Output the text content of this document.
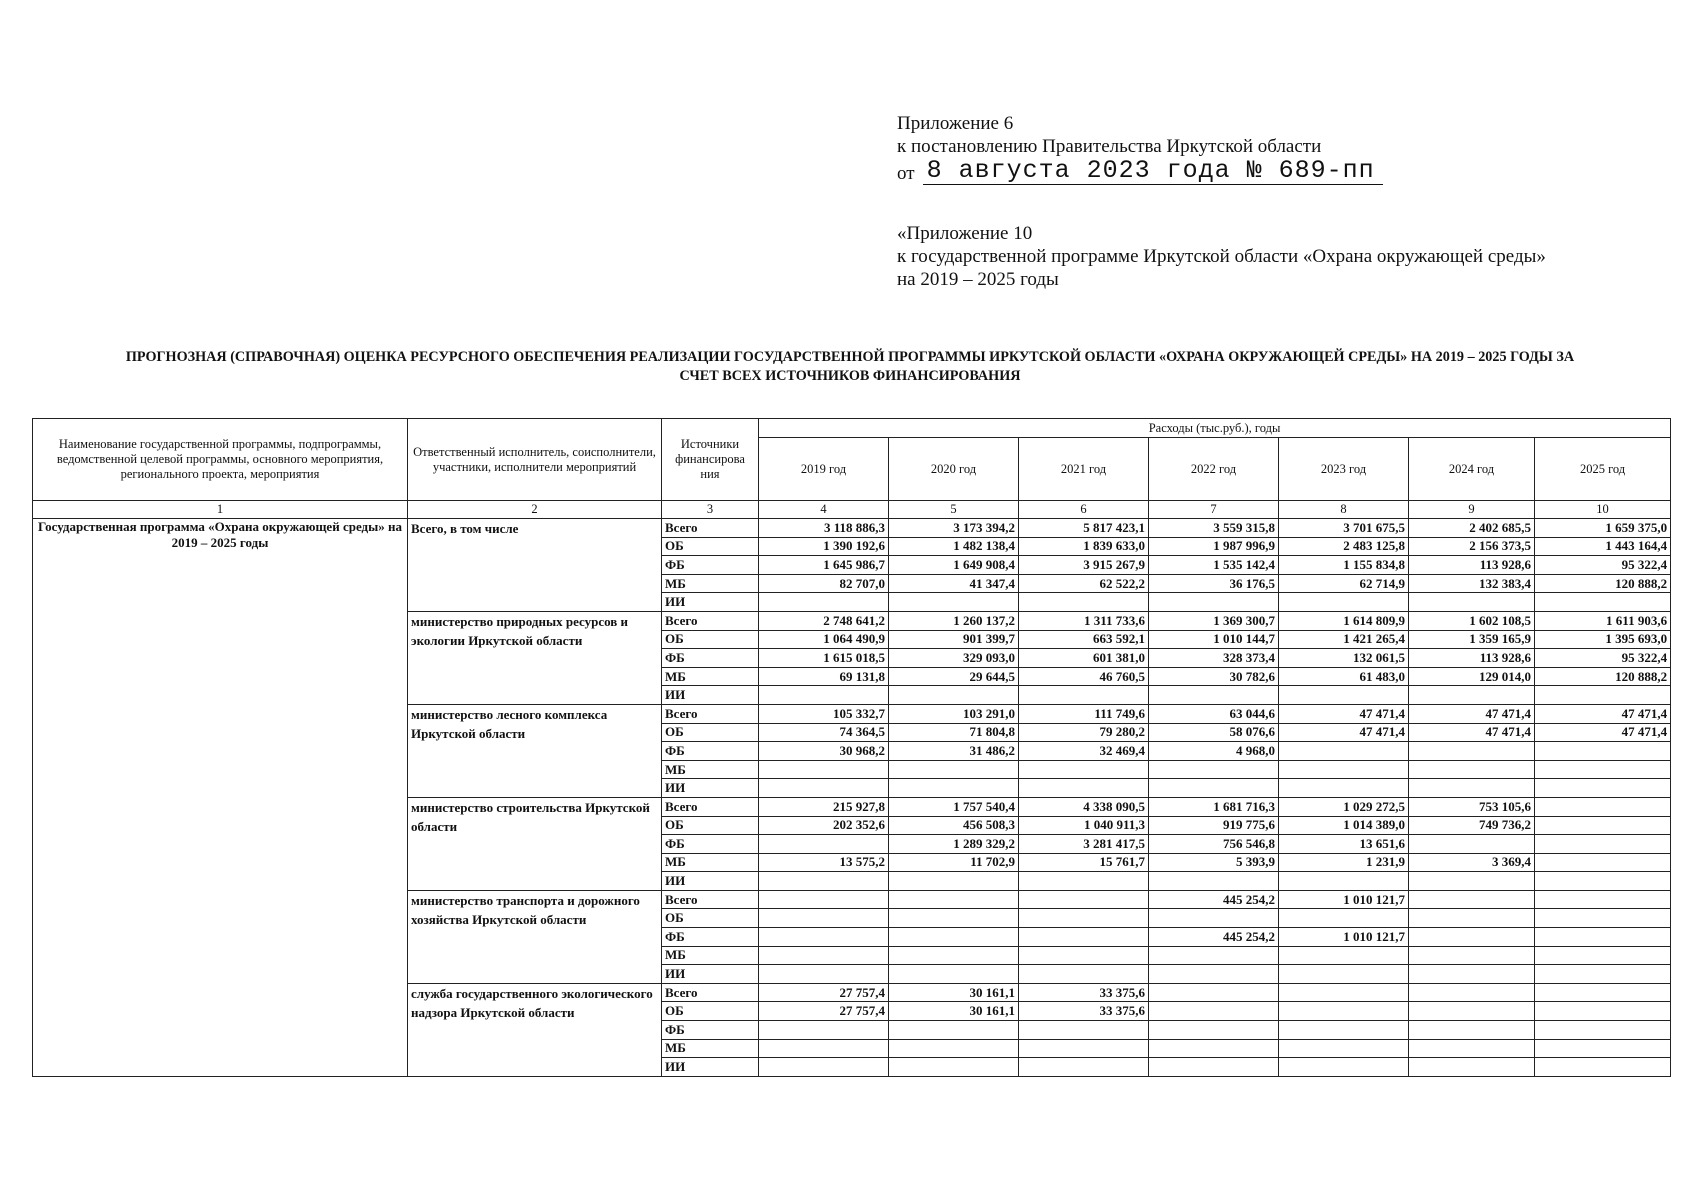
Приложение 6
к постановлению Правительства Иркутской области
от 8 августа 2023 года № 689-пп
«Приложение 10
к государственной программе Иркутской области «Охрана окружающей среды»
на 2019 – 2025 годы
ПРОГНОЗНАЯ (СПРАВОЧНАЯ) ОЦЕНКА РЕСУРСНОГО ОБЕСПЕЧЕНИЯ РЕАЛИЗАЦИИ ГОСУДАРСТВЕННОЙ ПРОГРАММЫ ИРКУТСКОЙ ОБЛАСТИ «ОХРАНА ОКРУЖАЮЩЕЙ СРЕДЫ» НА 2019 – 2025 ГОДЫ ЗА
СЧЕТ ВСЕХ ИСТОЧНИКОВ ФИНАНСИРОВАНИЯ
Наименование государственной программы, подпрограммы, ведомственной целевой программы, основного мероприятия, регионального проекта, мероприятия	Ответственный исполнитель, соисполнители, участники, исполнители мероприятий	Источники финансирова ния	Расходы (тыс.руб.), годы						
			2019 год	2020 год	2021 год	2022 год	2023 год	2024 год	2025 год
1	2	3	4	5	6	7	8	9	10
Государственная программа «Охрана окружающей среды» на 2019 – 2025 годы	Всего, в том числе	Всего	3 118 886,3	3 173 394,2	5 817 423,1	3 559 315,8	3 701 675,5	2 402 685,5	1 659 375,0
		ОБ	1 390 192,6	1 482 138,4	1 839 633,0	1 987 996,9	2 483 125,8	2 156 373,5	1 443 164,4
		ФБ	1 645 986,7	1 649 908,4	3 915 267,9	1 535 142,4	1 155 834,8	113 928,6	95 322,4
		МБ	82 707,0	41 347,4	62 522,2	36 176,5	62 714,9	132 383,4	120 888,2
		ИИ							
	министерство природных ресурсов и экологии Иркутской области	Всего	2 748 641,2	1 260 137,2	1 311 733,6	1 369 300,7	1 614 809,9	1 602 108,5	1 611 903,6
		ОБ	1 064 490,9	901 399,7	663 592,1	1 010 144,7	1 421 265,4	1 359 165,9	1 395 693,0
		ФБ	1 615 018,5	329 093,0	601 381,0	328 373,4	132 061,5	113 928,6	95 322,4
		МБ	69 131,8	29 644,5	46 760,5	30 782,6	61 483,0	129 014,0	120 888,2
		ИИ							
	министерство лесного комплекса Иркутской области	Всего	105 332,7	103 291,0	111 749,6	63 044,6	47 471,4	47 471,4	47 471,4
		ОБ	74 364,5	71 804,8	79 280,2	58 076,6	47 471,4	47 471,4	47 471,4
		ФБ	30 968,2	31 486,2	32 469,4	4 968,0			
		МБ							
		ИИ							
	министерство строительства Иркутской области	Всего	215 927,8	1 757 540,4	4 338 090,5	1 681 716,3	1 029 272,5	753 105,6	
		ОБ	202 352,6	456 508,3	1 040 911,3	919 775,6	1 014 389,0	749 736,2	
		ФБ		1 289 329,2	3 281 417,5	756 546,8	13 651,6		
		МБ	13 575,2	11 702,9	15 761,7	5 393,9	1 231,9	3 369,4	
		ИИ							
	министерство транспорта и дорожного хозяйства Иркутской области	Всего				445 254,2	1 010 121,7		
		ОБ							
		ФБ				445 254,2	1 010 121,7		
		МБ							
		ИИ							
	служба государственного экологического надзора Иркутской области	Всего	27 757,4	30 161,1	33 375,6				
		ОБ	27 757,4	30 161,1	33 375,6				
		ФБ							
		МБ							
		ИИ							
